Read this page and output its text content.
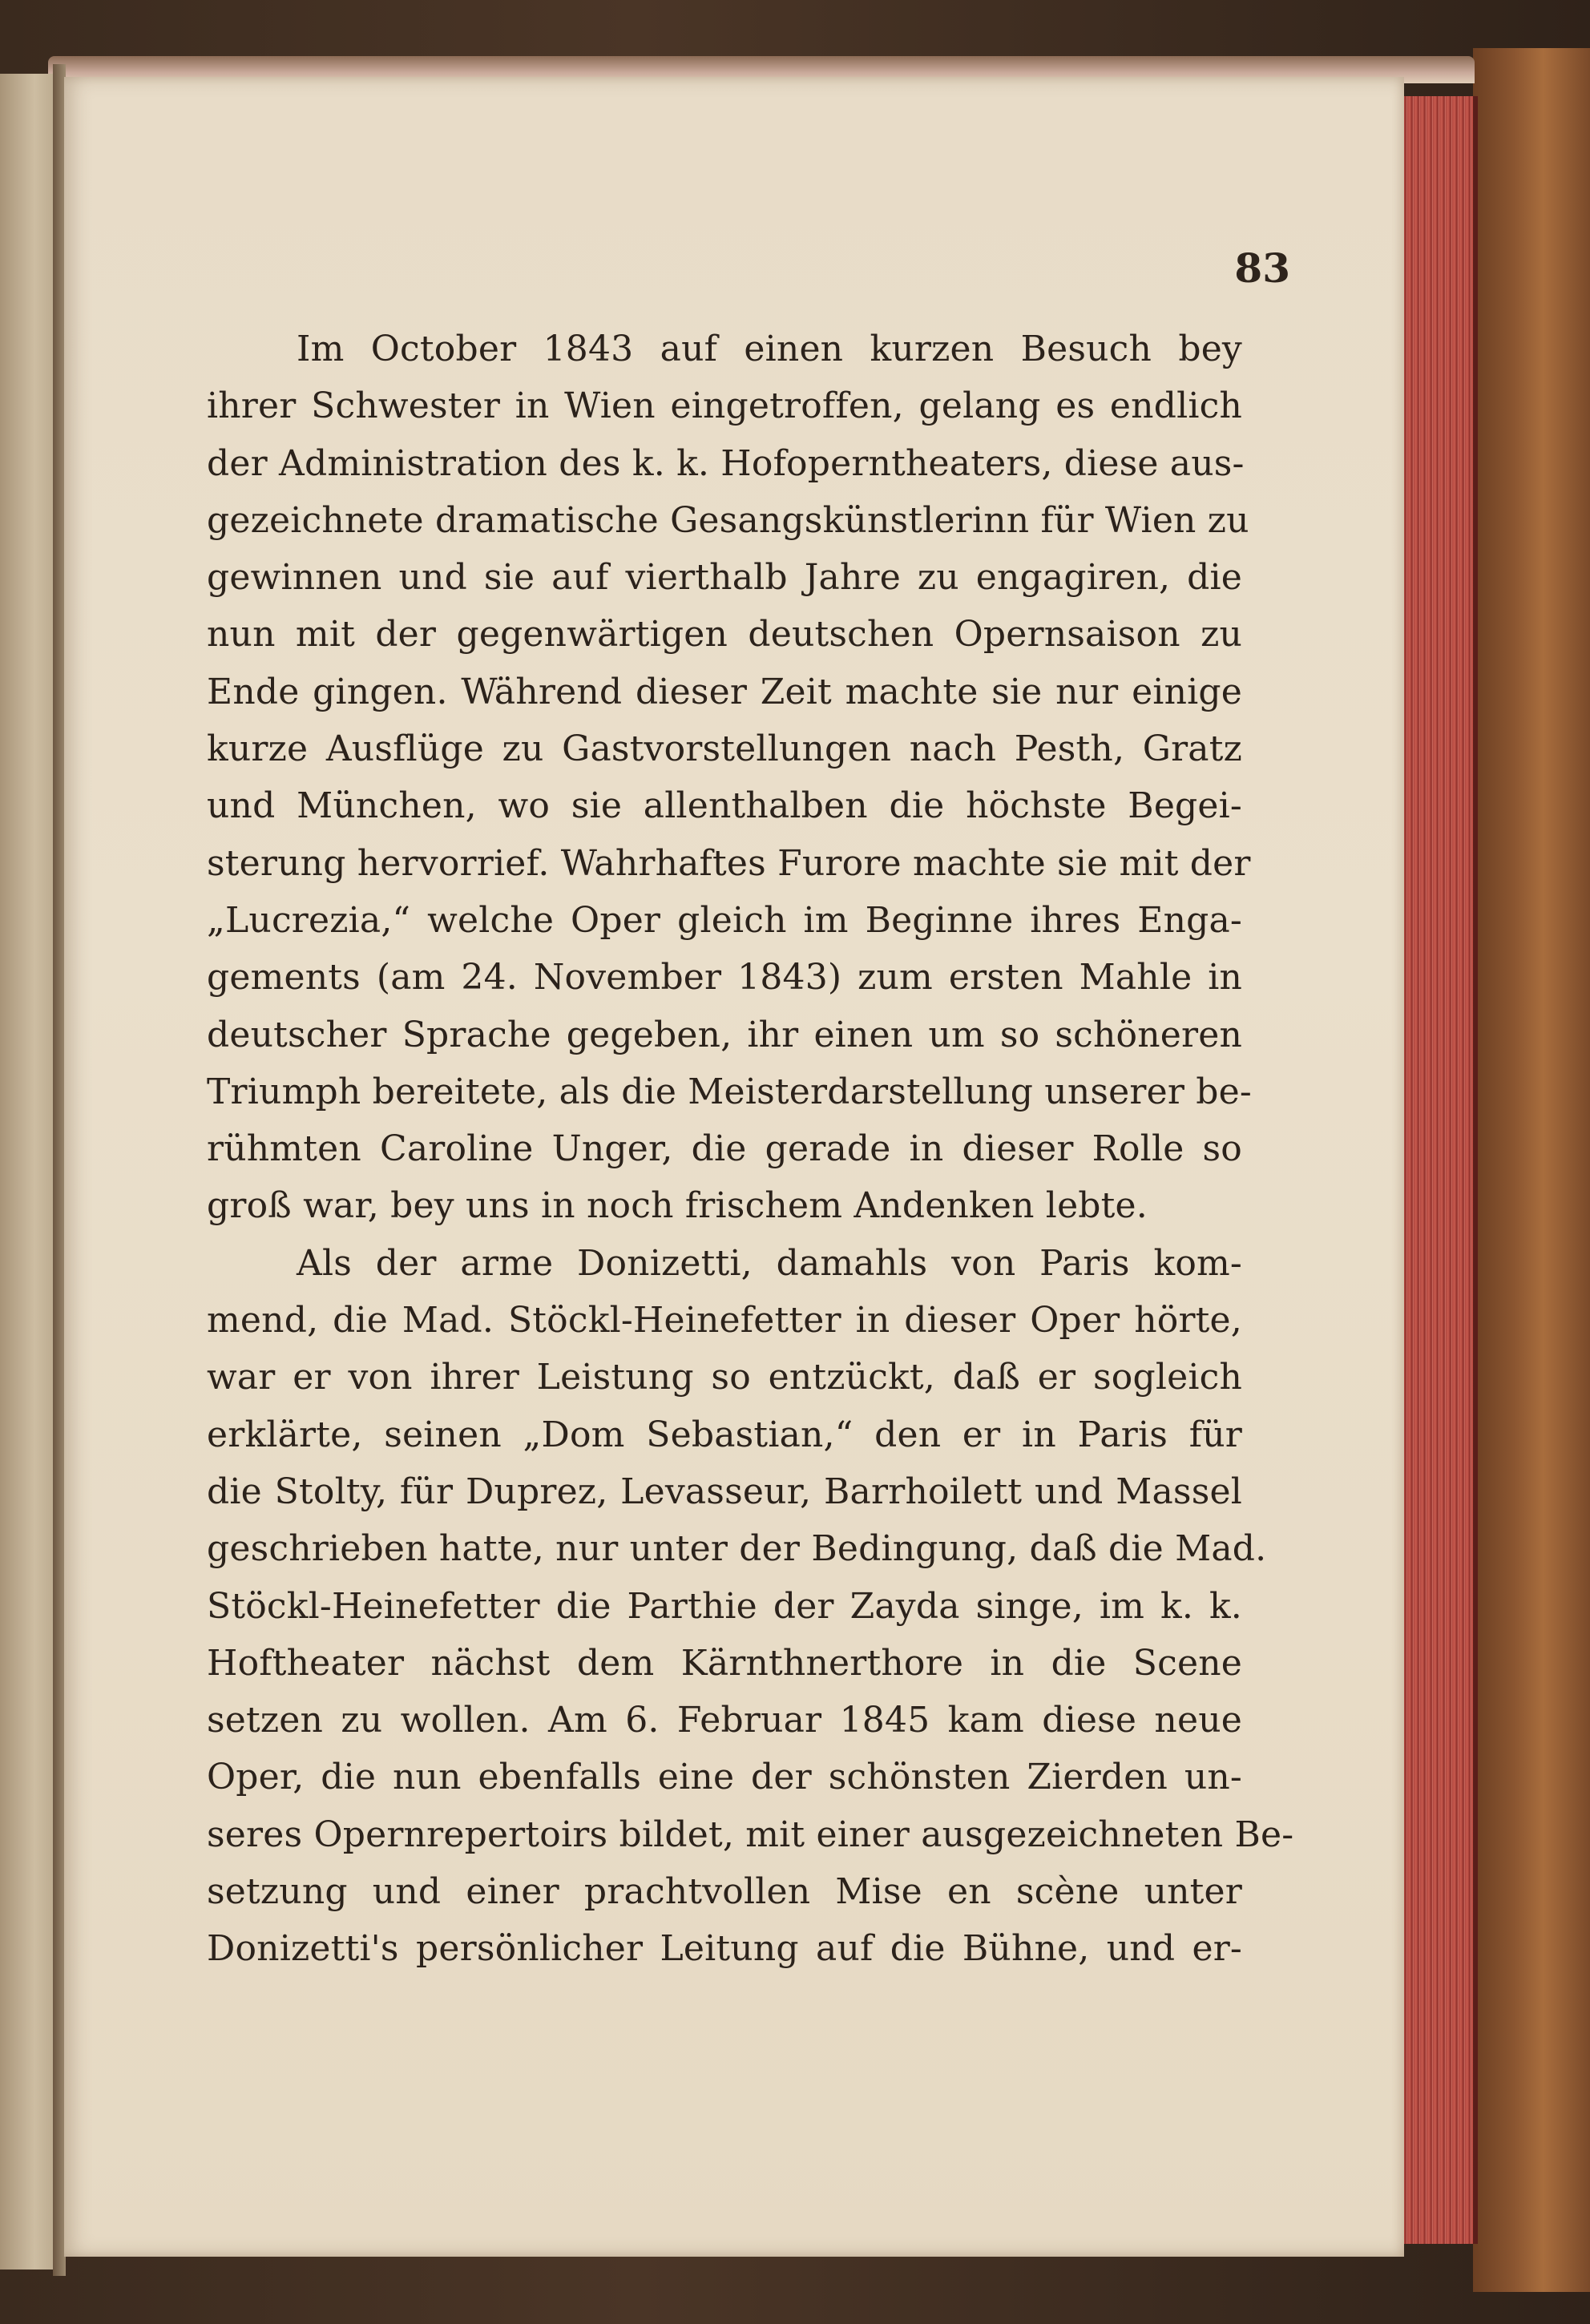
83
Im October 1843 auf einen kurzen Besuch bey
ihrer Schwester in Wien eingetroffen, gelang es endlich
der Administration des k. k. Hofoperntheaters, diese aus-
gezeichnete dramatische Gesangskünstlerinn für Wien zu
gewinnen und sie auf vierthalb Jahre zu engagiren, die
nun mit der gegenwärtigen deutschen Opernsaison zu
Ende gingen. Während dieser Zeit machte sie nur einige
kurze Ausflüge zu Gastvorstellungen nach Pesth, Gratz
und München, wo sie allenthalben die höchste Begei-
sterung hervorrief. Wahrhaftes Furore machte sie mit der
„Lucrezia,“ welche Oper gleich im Beginne ihres Enga-
gements (am 24. November 1843) zum ersten Mahle in
deutscher Sprache gegeben, ihr einen um so schöneren
Triumph bereitete, als die Meisterdarstellung unserer be-
rühmten Caroline Unger, die gerade in dieser Rolle so
groß war, bey uns in noch frischem Andenken lebte.
Als der arme Donizetti, damahls von Paris kom-
mend, die Mad. Stöckl-Heinefetter in dieser Oper hörte,
war er von ihrer Leistung so entzückt, daß er sogleich
erklärte, seinen „Dom Sebastian,“ den er in Paris für
die Stolty, für Duprez, Levasseur, Barrhoilett und Massel
geschrieben hatte, nur unter der Bedingung, daß die Mad.
Stöckl-Heinefetter die Parthie der Zayda singe, im k. k.
Hoftheater nächst dem Kärnthnerthore in die Scene
setzen zu wollen. Am 6. Februar 1845 kam diese neue
Oper, die nun ebenfalls eine der schönsten Zierden un-
seres Opernrepertoirs bildet, mit einer ausgezeichneten Be-
setzung und einer prachtvollen Mise en scène unter
Donizetti's persönlicher Leitung auf die Bühne, und er-
